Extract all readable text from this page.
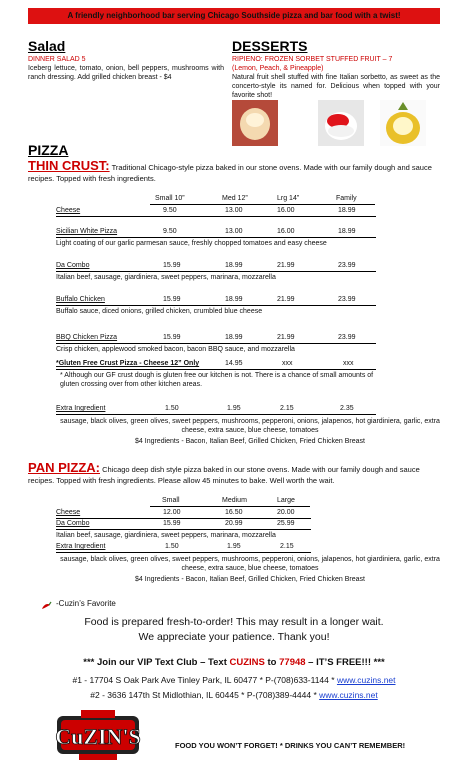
A friendly neighborhood bar serving Chicago Southside pizza and bar food with a twist!
Salad
DINNER SALAD 5
Iceberg lettuce, tomato, onion, bell peppers, mushrooms with ranch dressing. Add grilled chicken breast - $4
DESSERTS
RIPIENO: FROZEN SORBET STUFFED FRUIT – 7
(Lemon, Peach, & Pineapple)
Natural fruit shell stuffed with fine Italian sorbetto, as sweet as the concerto-style its named for. Delicious when topped with your favorite shot!
PIZZA
THIN CRUST: Traditional Chicago-style pizza baked in our stone ovens. Made with our family dough and sauce recipes. Topped with fresh ingredients.
Small 10”	Med 12”	Lrg 14”	Family
Cheese	9.50	13.00	16.00	18.99
Sicilian White Pizza	9.50	13.00	16.00	18.99
Light coating of our garlic parmesan sauce, freshly chopped tomatoes and easy cheese
Da Combo	15.99	18.99	21.99	23.99
Italian beef, sausage, giardiniera, sweet peppers, marinara, mozzarella
Buffalo Chicken	15.99	18.99	21.99	23.99
Buffalo sauce, diced onions, grilled chicken, crumbled blue cheese
BBQ Chicken Pizza	15.99	18.99	21.99	23.99
Crisp chicken, applewood smoked bacon, bacon BBQ sauce, and mozzarella
*Gluten Free Crust Pizza - Cheese 12” Only	14.95	xxx	xxx
* Although our GF crust dough is gluten free our kitchen is not. There is a chance of small amounts of gluten crossing over from other kitchen areas.
Extra Ingredient	1.50	1.95	2.15	2.35
sausage, black olives, green olives, sweet peppers, mushrooms, pepperoni, onions, jalapenos, hot giardiniera, garlic, extra cheese, extra sauce, blue cheese, tomatoes
$4 Ingredients - Bacon, Italian Beef, Grilled Chicken, Fried Chicken Breast
PAN PIZZA: Chicago deep dish style pizza baked in our stone ovens. Made with our family dough and sauce recipes. Topped with fresh ingredients. Please allow 45 minutes to bake. Well worth the wait.
Small	Medium	Large
Cheese	12.00	16.50	20.00
Da Combo	15.99	20.99	25.99
Italian beef, sausage, giardiniera, sweet peppers, marinara, mozzarella
Extra Ingredient	1.50	1.95	2.15
sausage, black olives, green olives, sweet peppers, mushrooms, pepperoni, onions, jalapenos, hot giardiniera, garlic, extra cheese, extra sauce, blue cheese, tomatoes
$4 Ingredients - Bacon, Italian Beef, Grilled Chicken, Fried Chicken Breast
-Cuzin’s Favorite
Food is prepared fresh-to-order! This may result in a longer wait.
We appreciate your patience. Thank you!
*** Join our VIP Text Club – Text CUZINS to 77948 – IT’S FREE!!! ***
#1 - 17704 S Oak Park Ave Tinley Park, IL 60477 * P-(708)633-1144 * www.cuzins.net
#2 - 3636 147th St Midlothian, IL 60445 * P-(708)389-4444 * www.cuzins.net
CuZIN'S	FOOD YOU WON’T FORGET! * DRINKS YOU CAN’T REMEMBER!
